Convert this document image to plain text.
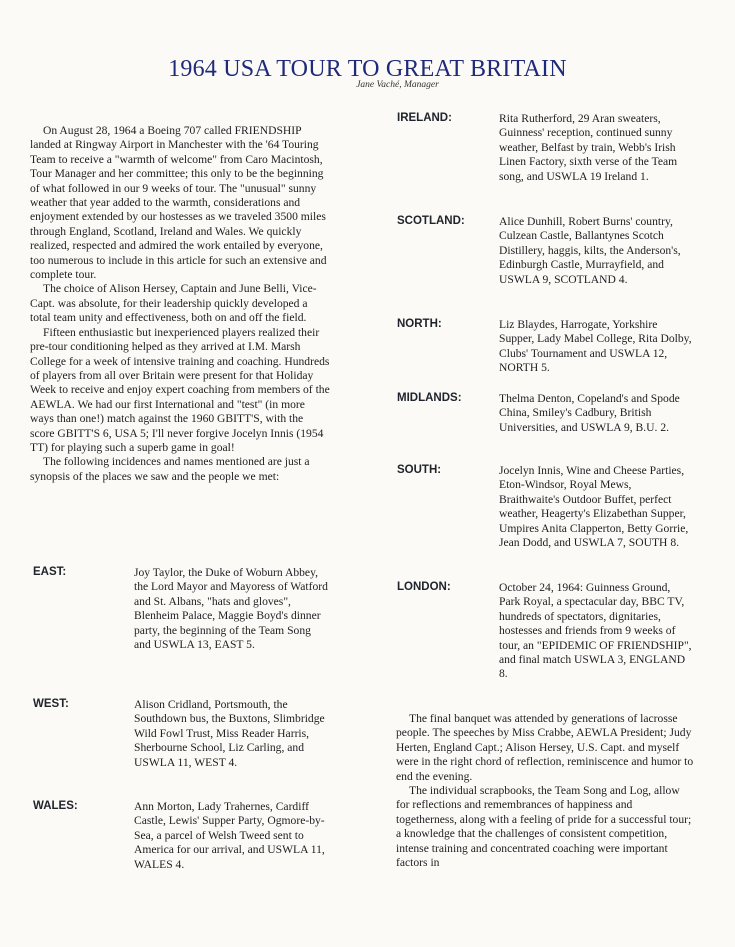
1964 USA TOUR TO GREAT BRITAIN
Jane Vaché, Manager

On August 28, 1964 a Boeing 707 called FRIENDSHIP landed at Ringway Airport in Manchester with the '64 Touring Team to receive a "warmth of welcome" from Caro Macintosh, Tour Manager and her committee; this only to be the beginning of what followed in our 9 weeks of tour. The "unusual" sunny weather that year added to the warmth, considerations and enjoyment extended by our hostesses as we traveled 3500 miles through England, Scotland, Ireland and Wales. We quickly realized, respected and admired the work entailed by everyone, too numerous to include in this article for such an extensive and complete tour.

The choice of Alison Hersey, Captain and June Belli, Vice-Capt. was absolute, for their leadership quickly developed a total team unity and effectiveness, both on and off the field.

Fifteen enthusiastic but inexperienced players realized their pre-tour conditioning helped as they arrived at I.M. Marsh College for a week of intensive training and coaching. Hundreds of players from all over Britain were present for that Holiday Week to receive and enjoy expert coaching from members of the AEWLA. We had our first International and "test" (in more ways than one!) match against the 1960 GBITT'S, with the score GBITT'S 6, USA 5; I'll never forgive Jocelyn Innis (1954 TT) for playing such a superb game in goal!

The following incidences and names mentioned are just a synopsis of the places we saw and the people we met:

EAST:	Joy Taylor, the Duke of Woburn Abbey, the Lord Mayor and Mayoress of Watford and St. Albans, "hats and gloves", Blenheim Palace, Maggie Boyd's dinner party, the beginning of the Team Song and USWLA 13, EAST 5.
WEST:	Alison Cridland, Portsmouth, the Southdown bus, the Buxtons, Slimbridge Wild Fowl Trust, Miss Reader Harris, Sherbourne School, Liz Carling, and USWLA 11, WEST 4.
WALES:	Ann Morton, Lady Trahernes, Cardiff Castle, Lewis' Supper Party, Ogmore-by-Sea, a parcel of Welsh Tweed sent to America for our arrival, and USWLA 11, WALES 4.
IRELAND:	Rita Rutherford, 29 Aran sweaters, Guinness' reception, continued sunny weather, Belfast by train, Webb's Irish Linen Factory, sixth verse of the Team song, and USWLA 19 Ireland 1.
SCOTLAND:	Alice Dunhill, Robert Burns' country, Culzean Castle, Ballantynes Scotch Distillery, haggis, kilts, the Anderson's, Edinburgh Castle, Murrayfield, and USWLA 9, SCOTLAND 4.
NORTH:	Liz Blaydes, Harrogate, Yorkshire Supper, Lady Mabel College, Rita Dolby, Clubs' Tournament and USWLA 12, NORTH 5.
MIDLANDS:	Thelma Denton, Copeland's and Spode China, Smiley's Cadbury, British Universities, and USWLA 9, B.U. 2.
SOUTH:	Jocelyn Innis, Wine and Cheese Parties, Eton-Windsor, Royal Mews, Braithwaite's Outdoor Buffet, perfect weather, Heagerty's Elizabethan Supper, Umpires Anita Clapperton, Betty Gorrie, Jean Dodd, and USWLA 7, SOUTH 8.
LONDON:	October 24, 1964: Guinness Ground, Park Royal, a spectacular day, BBC TV, hundreds of spectators, dignitaries, hostesses and friends from 9 weeks of tour, an "EPIDEMIC OF FRIENDSHIP", and final match USWLA 3, ENGLAND 8.

The final banquet was attended by generations of lacrosse people. The speeches by Miss Crabbe, AEWLA President; Judy Herten, England Capt.; Alison Hersey, U.S. Capt. and myself were in the right chord of reflection, reminiscence and humor to end the evening.

The individual scrapbooks, the Team Song and Log, allow for reflections and remembrances of happiness and togetherness, along with a feeling of pride for a successful tour; a knowledge that the challenges of consistent competition, intense training and concentrated coaching were important factors in
